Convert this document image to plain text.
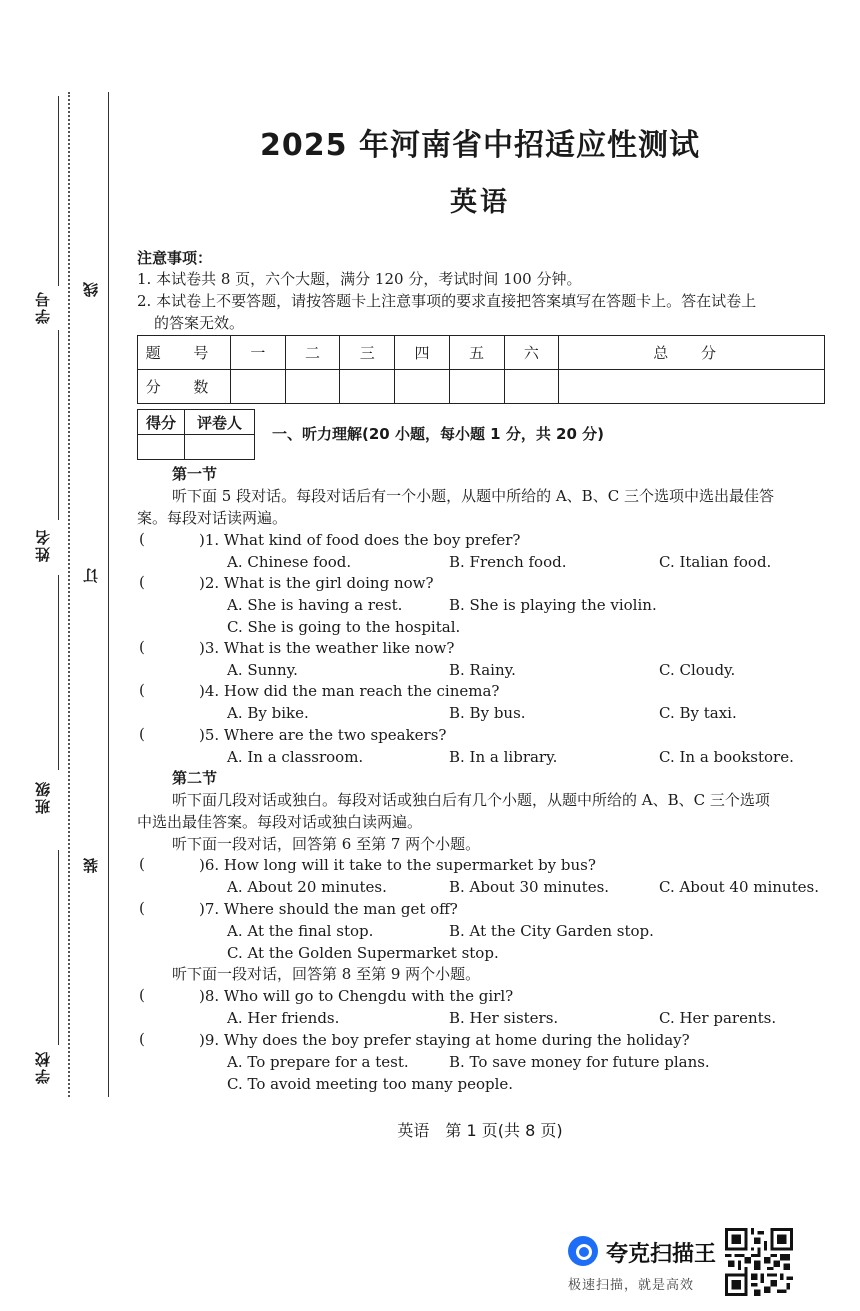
学号
姓名
班级
学校
线
订
装
2025 年河南省中招适应性测试
英语
注意事项：
1. 本试卷共 8 页，六个大题，满分 120 分，考试时间 100 分钟。
2. 本试卷上不要答题，请按答题卡上注意事项的要求直接把答案填写在答题卡上。答在试卷上
的答案无效。
题 号	一	二	三	四	五	六	总 分
分 数							
得分	评卷人

一、听力理解(20 小题，每小题 1 分，共 20 分)
第一节
听下面 5 段对话。每段对话后有一个小题，从题中所给的 A、B、C 三个选项中选出最佳答
案。每段对话读两遍。
(	)1. What kind of food does the boy prefer?
A. Chinese food.	B. French food.	C. Italian food.
(	)2. What is the girl doing now?
A. She is having a rest.	B. She is playing the violin.
C. She is going to the hospital.
(	)3. What is the weather like now?
A. Sunny.	B. Rainy.	C. Cloudy.
(	)4. How did the man reach the cinema?
A. By bike.	B. By bus.	C. By taxi.
(	)5. Where are the two speakers?
A. In a classroom.	B. In a library.	C. In a bookstore.
第二节
听下面几段对话或独白。每段对话或独白后有几个小题，从题中所给的 A、B、C 三个选项
中选出最佳答案。每段对话或独白读两遍。
听下面一段对话，回答第 6 至第 7 两个小题。
(	)6. How long will it take to the supermarket by bus?
A. About 20 minutes.	B. About 30 minutes.	C. About 40 minutes.
(	)7. Where should the man get off?
A. At the final stop.	B. At the City Garden stop.
C. At the Golden Supermarket stop.
听下面一段对话，回答第 8 至第 9 两个小题。
(	)8. Who will go to Chengdu with the girl?
A. Her friends.	B. Her sisters.	C. Her parents.
(	)9. Why does the boy prefer staying at home during the holiday?
A. To prepare for a test.	B. To save money for future plans.
C. To avoid meeting too many people.
英语　第 1 页(共 8 页)
夸克扫描王
极速扫描，就是高效
